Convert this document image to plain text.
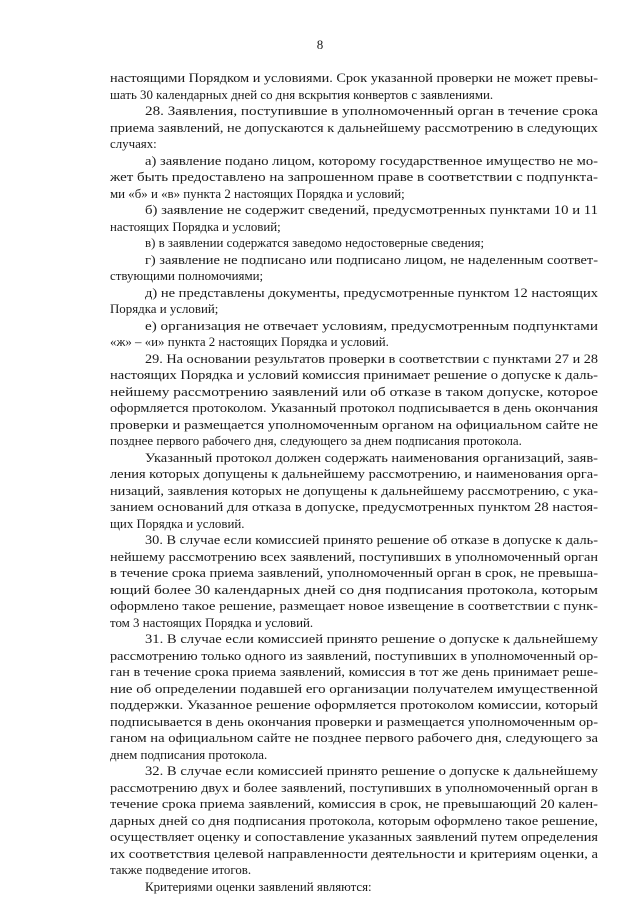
8

настоящими Порядком и условиями. Срок указанной проверки не может превы-

шать 30 календарных дней со дня вскрытия конвертов с заявлениями.

28. Заявления, поступившие в уполномоченный орган в течение срока

приема заявлений, не допускаются к дальнейшему рассмотрению в следующих

случаях:

а) заявление подано лицом, которому государственное имущество не мо-

жет быть предоставлено на запрошенном праве в соответствии с подпункта-

ми «б» и «в» пункта 2 настоящих Порядка и условий;

б) заявление не содержит сведений, предусмотренных пунктами 10 и 11

настоящих Порядка и условий;

в) в заявлении содержатся заведомо недостоверные сведения;

г) заявление не подписано или подписано лицом, не наделенным соответ-

ствующими полномочиями;

д) не представлены документы, предусмотренные пунктом 12 настоящих

Порядка и условий;

е) организация не отвечает условиям, предусмотренным подпунктами

«ж» – «и» пункта 2 настоящих Порядка и условий.

29. На основании результатов проверки в соответствии с пунктами 27 и 28

настоящих Порядка и условий комиссия принимает решение о допуске к даль-

нейшему рассмотрению заявлений или об отказе в таком допуске, которое

оформляется протоколом. Указанный протокол подписывается в день окончания

проверки и размещается уполномоченным органом на официальном сайте не

позднее первого рабочего дня, следующего за днем подписания протокола.

Указанный протокол должен содержать наименования организаций, заяв-

ления которых допущены к дальнейшему рассмотрению, и наименования орга-

низаций, заявления которых не допущены к дальнейшему рассмотрению, с ука-

занием оснований для отказа в допуске, предусмотренных пунктом 28 настоя-

щих Порядка и условий.

30. В случае если комиссией принято решение об отказе в допуске к даль-

нейшему рассмотрению всех заявлений, поступивших в уполномоченный орган

в течение срока приема заявлений, уполномоченный орган в срок, не превыша-

ющий более 30 календарных дней со дня подписания протокола, которым

оформлено такое решение, размещает новое извещение в соответствии с пунк-

том 3 настоящих Порядка и условий.

31. В случае если комиссией принято решение о допуске к дальнейшему

рассмотрению только одного из заявлений, поступивших в уполномоченный ор-

ган в течение срока приема заявлений, комиссия в тот же день принимает реше-

ние об определении подавшей его организации получателем имущественной

поддержки. Указанное решение оформляется протоколом комиссии, который

подписывается в день окончания проверки и размещается уполномоченным ор-

ганом на официальном сайте не позднее первого рабочего дня, следующего за

днем подписания протокола.

32. В случае если комиссией принято решение о допуске к дальнейшему

рассмотрению двух и более заявлений, поступивших в уполномоченный орган в

течение срока приема заявлений, комиссия в срок, не превышающий 20 кален-

дарных дней со дня подписания протокола, которым оформлено такое решение,

осуществляет оценку и сопоставление указанных заявлений путем определения

их соответствия целевой направленности деятельности и критериям оценки, а

также подведение итогов.

Критериями оценки заявлений являются:
